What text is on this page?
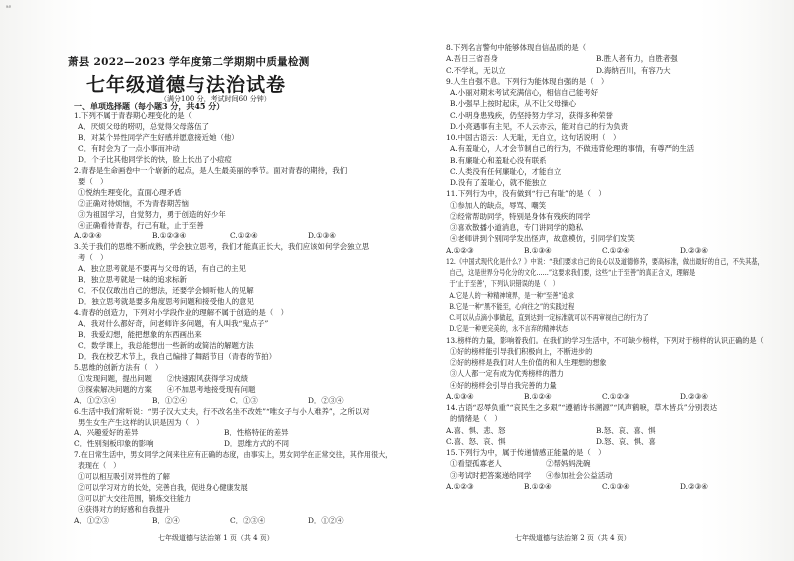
ᵃˢ
萧县 2022—2023 学年度第二学期期中质量检测
七年级道德与法治试卷
（满分100 分，考试时间60 分钟）
一、单项选择题（每小题3 分，共45 分）
1.下列不属于青春期心理变化的是（
A．厌烦父母的唠叨，总觉得父母落伍了
B．对某个异性同学产生好感并愿意接近她（他）
C．有时会为了一点小事而冲动
D．个子比其他同学长的快，脸上长出了小痘痘
2.青春是生命画卷中一个崭新的起点，是人生最美丽的季节。面对青春的期待，我们
要（　）
①悦纳生理变化，直面心理矛盾
②正确对待烦恼，不为青春期苦恼
③为祖国学习，自觉努力，勇于创造的好少年
④正确看待青春，行己有耻，止于至善
A.②③④	B.①②③④	C.①②④	D.①③④
3.关于我们的思维不断成熟，学会独立思考，我们才能真正长大，我们应该如何学会独立思
考（　）
A．独立思考就是不要再与父母的话，有自己的主见
B．独立思考就是一味的追求标新
C．不仅仅敢出自己的想法，还要学会倾听他人的见解
D．独立思考就是要多角度思考问题和接受他人的意见
4.青春的创造力，下列对小学段作业的理解不属于创造的是（　）
A．我对什么都好奇，问老师许多问题，有人叫我“鬼点子”
B．我爱幻想，能把想象的东西画出来
C．数学课上，我总能想出一些新的或简洁的解题方法
D．我在校艺术节上，我自己编排了舞蹈节目（青春的节拍）
5.思维的创新方法有（　）
①发现问题，提出问题　　②快速跟风获得学习成绩
③探索解决问题的方案　　④不加思考地接受现有问题
A．①②③④	B．①②④	C．①③	D．②③④
6.生活中我们常听说：“男子汉大丈夫，行不改名坐不改姓”“唯女子与小人难养”，之所以对
男生女生产生这样的认识是因为（　）
A．兴趣爱好的差异	B．性格特征的差异
C．性别刻板印象的影响	D．思维方式的不同
7.在日常生活中，男女同学之间来往应有正确的态度，由事实上，男女同学在正常交往，其作用很大，
表现在（　）
①可以相互吸引对异性的了解
②可以学习对方的长处，完善自我，促进身心健康发展
③可以扩大交往范围，锻炼交往能力
④获得对方的好感和自我提升
A．①②③	B．②④	C．②③④	D．①②④
七年级道德与法治第 1 页（共 4 页）
8.下列名言警句中能够体现自信品质的是（
A.吾日三省吾身	B.胜人者有力，自胜者强
C.不学礼，无以立	D.海纳百川，有容乃大
9.人生自强不息。下列行为能体现自强的是（　）
A.小丽对期末考试充满信心，相信自己能考好
B.小强早上按时起床，从不让父母操心
C.小明身患残疾，仍坚持努力学习，获得多种荣誉
D.小亮遇事有主见，不人云亦云，能对自己的行为负责
10.中国古语云：人无耻，无自立，这句话说明（　）
A.有羞耻心，人才会节制自己的行为，不做违背伦理的事情，有尊严的生活
B.有廉耻心和羞耻心没有联系
C.人类没有任何廉耻心，才能自立
D.没有了羞耻心，就不能独立
11.下列行为中，没有做到“行己有耻”的是（　）
①参加人的缺点，辱骂、嘲笑
②经常帮助同学，特别是身体有残疾的同学
③喜欢散播小道消息，专门讲同学的隐私
④老师讲到个别同学发出怪声，故意模仿，引同学们发笑
A.①②③	B.①③④	C.①②④	D.②③④
12.《中国式现代化是什么？》中说：“我们要求自己的良心以及道德修养，要高标准，做出最好的自己，不失其基，
自己，这是世界分号化分的文化……”这要求我们要，这些“止于至善”的真正含义，理解是
于‘止于至善’，下列认识错误的是（　）
A.它是人的一种精神境界，是一种“至善”追求
B.它是一种“黑不能至，心向往之”的实践过程
C.可以从点滴小事做起，直到达到一定标准就可以不再审视自己的行为了
D.它是一种更完美的，永不言弃的精神状态
13.榜样的力量，影响着我们。在我们的学习生活中，不可缺少榜样，下列对于榜样的认识正确的是（
①好的榜样能引导我们积极向上，不断进步的
②好的榜样是我们对人生价值的和人生理想的想象
③人人都一定有成为优秀榜样的潜力
④好的榜样会引导自我完善的力量
A.①③④	B.①②④	C.①②③	D.②③④
14.古语“忍辱负重”“哀民生之多艰”“遵循诗书溯源”“风声鹤唳，草木皆兵”分别表达
的情绪是（　）
A.喜、惧、悲、怒	B.怒、哀、喜、惧
C.喜、怒、哀、惧	D.怒、哀、惧、喜
15.下列行为中，属于传递情感正能量的是（　）
①看望孤寡老人　　　　　　②帮妈妈洗碗
③考试时把答案递给同学　　④参加社会公益活动
A.①②③	B.①②④	C.①③④	D.②③④
七年级道德与法治第 2 页（共 4 页）
